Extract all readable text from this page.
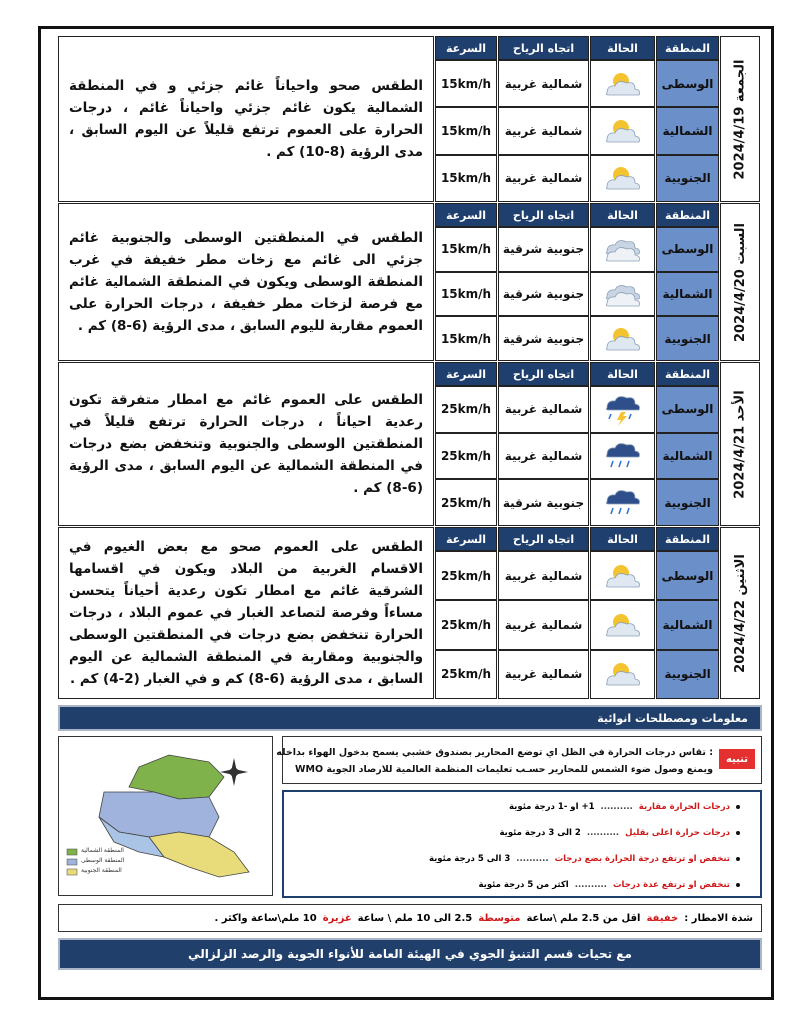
الجمعة 2024/4/19
المنطقة
الحالة
اتجاه الرياح
السرعة
الوسطى
شمالية غربية
15km/h
الشمالية
شمالية غربية
15km/h
الجنوبية
شمالية غربية
15km/h
الطقس صحو واحياناً غائم جزئي و في المنطقة الشمالية يكون غائم جزئي واحياناً غائم ، درجات الحرارة على العموم ترتفع قليلاً عن اليوم السابق ، مدى الرؤية (8-10) كم .
السبت 2024/4/20
المنطقة
الحالة
اتجاه الرياح
السرعة
الوسطى
جنوبية شرقية
15km/h
الشمالية
جنوبية شرقية
15km/h
الجنوبية
جنوبية شرقية
15km/h
الطقس في المنطقتين الوسطى والجنوبية غائم جزئي الى غائم مع زخات مطر خفيفة في غرب المنطقة الوسطى ويكون في المنطقة الشمالية غائم مع فرصة لزخات مطر خفيفة ، درجات الحرارة على العموم مقاربة لليوم السابق ، مدى الرؤية (6-8) كم .
الأحد 2024/4/21
المنطقة
الحالة
اتجاه الرياح
السرعة
الوسطى
شمالية غربية
25km/h
الشمالية
شمالية غربية
25km/h
الجنوبية
جنوبية شرقية
25km/h
الطقس على العموم غائم مع امطار متفرقة تكون رعدية احياناً ، درجات الحرارة ترتفع قليلاً في المنطقتين الوسطى والجنوبية وتنخفض بضع درجات في المنطقة الشمالية عن اليوم السابق ، مدى الرؤية (6-8) كم .
الاثنين 2024/4/22
المنطقة
الحالة
اتجاه الرياح
السرعة
الوسطى
شمالية غربية
25km/h
الشمالية
شمالية غربية
25km/h
الجنوبية
شمالية غربية
25km/h
الطقس على العموم صحو مع بعض الغيوم في الاقسام الغربية من البلاد ويكون في اقسامها الشرقية غائم مع امطار تكون رعدية أحياناً يتحسن مساءاً وفرصة لتصاعد الغبار في عموم البلاد ، درجات الحرارة تنخفض بضع درجات في المنطقتين الوسطى والجنوبية ومقاربة في المنطقة الشمالية عن اليوم السابق ، مدى الرؤية (6-8) كم و في الغبار (2-4) كم .
معلومات ومصطلحات انوائية
المنطقة الشمالية
المنطقة الوسطى
المنطقة الجنوبية
تنبيه
: تقاس درجات الحرارة في الظل اي توضع المحارير بصندوق خشبي يسمح بدخول الهواء بداخله
ويمنع وصول ضوء الشمس للمحارير حسـب تعليمات المنظمة العالمية للارصاد الجوية WMO
درجات الحرارة مقاربة
..........
1+ او -1 درجة مئوية
درجات حرارة اعلى بقليل
..........
2 الى 3 درجة مئوية
تنخفض او ترتفع درجة الحرارة بضع درجات
..........
3 الى 5 درجة مئوية
تنخفض او ترتفع عدة درجات
..........
اكثر من 5 درجة مئوية
شدة الامطار :
خفيفة
اقل من 2.5 ملم \ساعة
متوسطة
2.5 الى 10 ملم \ ساعة
غزيرة
10 ملم\ساعة واكثر .
مع تحيات قسم التنبؤ الجوي في الهيئة العامة للأنواء الجوية والرصد الزلزالي
